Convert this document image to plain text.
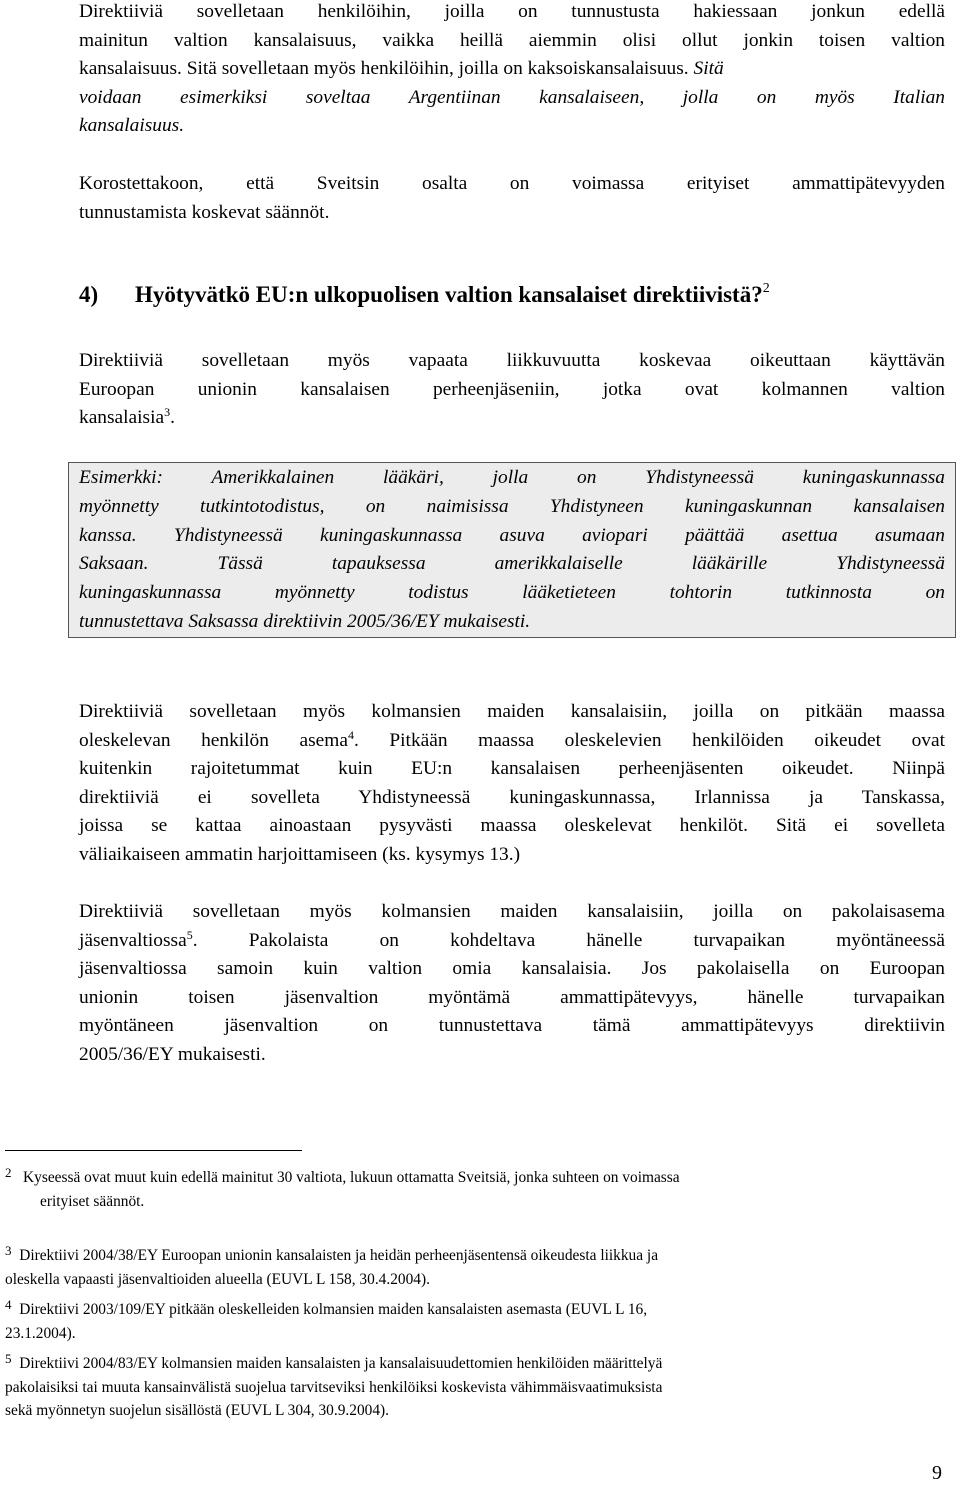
Direktiiviä sovelletaan henkilöihin, joilla on tunnustusta hakiessaan jonkun edellä
mainitun valtion kansalaisuus, vaikka heillä aiemmin olisi ollut jonkin toisen valtion
kansalaisuus. Sitä sovelletaan myös henkilöihin, joilla on kaksoiskansalaisuus. Sitä
voidaan esimerkiksi soveltaa Argentiinan kansalaiseen, jolla on myös Italian
kansalaisuus.
Korostettakoon, että Sveitsin osalta on voimassa erityiset ammattipätevyyden
tunnustamista koskevat säännöt.
4) Hyötyvätkö EU:n ulkopuolisen valtion kansalaiset direktiivistä?$^2$
Direktiiviä sovelletaan myös vapaata liikkuvuutta koskevaa oikeuttaan käyttävän
Euroopan unionin kansalaisen perheenjäseniin, jotka ovat kolmannen valtion
kansalaisia$^3$.
Esimerkki: Amerikkalainen lääkäri, jolla on Yhdistyneessä kuningaskunnassa
myönnetty tutkintotodistus, on naimisissa Yhdistyneen kuningaskunnan kansalaisen
kanssa. Yhdistyneessä kuningaskunnassa asuva aviopari päättää asettua asumaan
Saksaan. Tässä tapauksessa amerikkalaiselle lääkärille Yhdistyneessä
kuningaskunnassa myönnetty todistus lääketieteen tohtorin tutkinnosta on
tunnustettava Saksassa direktiivin 2005/36/EY mukaisesti.
Direktiiviä sovelletaan myös kolmansien maiden kansalaisiin, joilla on pitkään maassa
oleskelevan henkilön asema$^4$. Pitkään maassa oleskelevien henkilöiden oikeudet ovat
kuitenkin rajoitetummat kuin EU:n kansalaisen perheenjäsenten oikeudet. Niinpä
direktiiviä ei sovelleta Yhdistyneessä kuningaskunnassa, Irlannissa ja Tanskassa,
joissa se kattaa ainoastaan pysyvästi maassa oleskelevat henkilöt. Sitä ei sovelleta
väliaikaiseen ammatin harjoittamiseen (ks. kysymys 13.)
Direktiiviä sovelletaan myös kolmansien maiden kansalaisiin, joilla on pakolaisasema
jäsenvaltiossa$^5$. Pakolaista on kohdeltava hänelle turvapaikan myöntäneessä
jäsenvaltiossa samoin kuin valtion omia kansalaisia. Jos pakolaisella on Euroopan
unionin toisen jäsenvaltion myöntämä ammattipätevyys, hänelle turvapaikan
myöntäneen jäsenvaltion on tunnustettava tämä ammattipätevyys direktiivin
2005/36/EY mukaisesti.
$^2$ Kyseessä ovat muut kuin edellä mainitut 30 valtiota, lukuun ottamatta Sveitsiä, jonka suhteen on voimassa
erityiset säännöt.
$^3$ Direktiivi 2004/38/EY Euroopan unionin kansalaisten ja heidän perheenjäsentensä oikeudesta liikkua ja
oleskella vapaasti jäsenvaltioiden alueella (EUVL L 158, 30.4.2004).
$^4$ Direktiivi 2003/109/EY pitkään oleskelleiden kolmansien maiden kansalaisten asemasta (EUVL L 16,
23.1.2004).
$^5$ Direktiivi 2004/83/EY kolmansien maiden kansalaisten ja kansalaisuudettomien henkilöiden määrittelyä
pakolaisiksi tai muuta kansainvälistä suojelua tarvitseviksi henkilöiksi koskevista vähimmäisvaatimuksista
sekä myönnetyn suojelun sisällöstä (EUVL L 304, 30.9.2004).
9
